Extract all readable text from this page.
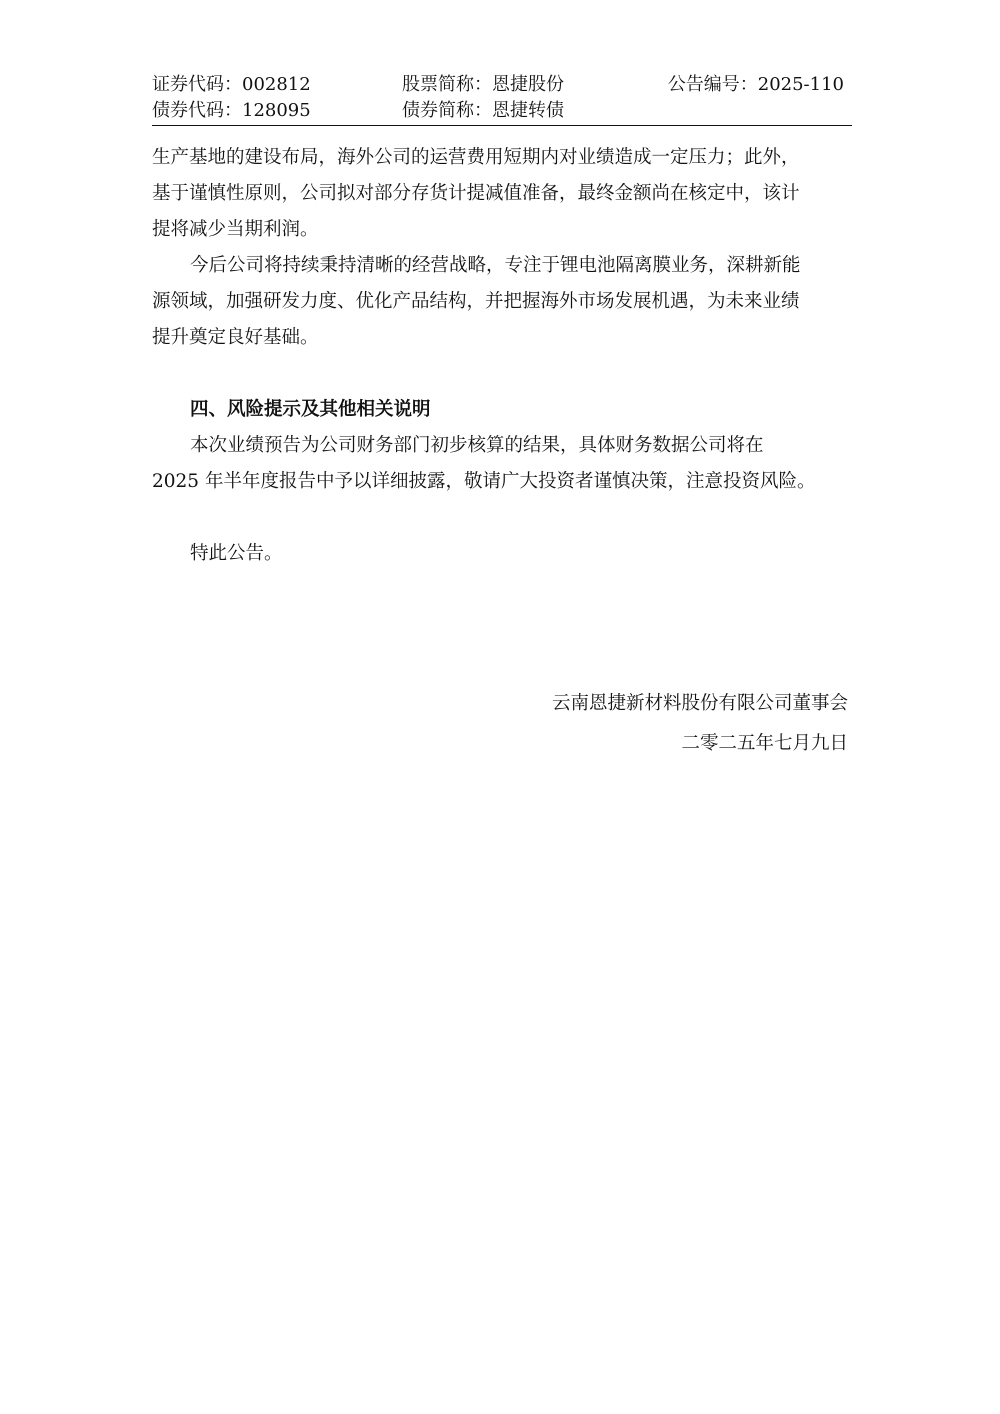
证券代码：002812	股票简称：恩捷股份	公告编号：2025-110
债券代码：128095	债券简称：恩捷转债
生产基地的建设布局，海外公司的运营费用短期内对业绩造成一定压力；此外，
基于谨慎性原则，公司拟对部分存货计提减值准备，最终金额尚在核定中，该计
提将减少当期利润。
今后公司将持续秉持清晰的经营战略，专注于锂电池隔离膜业务，深耕新能
源领域，加强研发力度、优化产品结构，并把握海外市场发展机遇，为未来业绩
提升奠定良好基础。
四、风险提示及其他相关说明
本次业绩预告为公司财务部门初步核算的结果，具体财务数据公司将在
2025 年半年度报告中予以详细披露，敬请广大投资者谨慎决策，注意投资风险。
特此公告。
云南恩捷新材料股份有限公司董事会
二零二五年七月九日
